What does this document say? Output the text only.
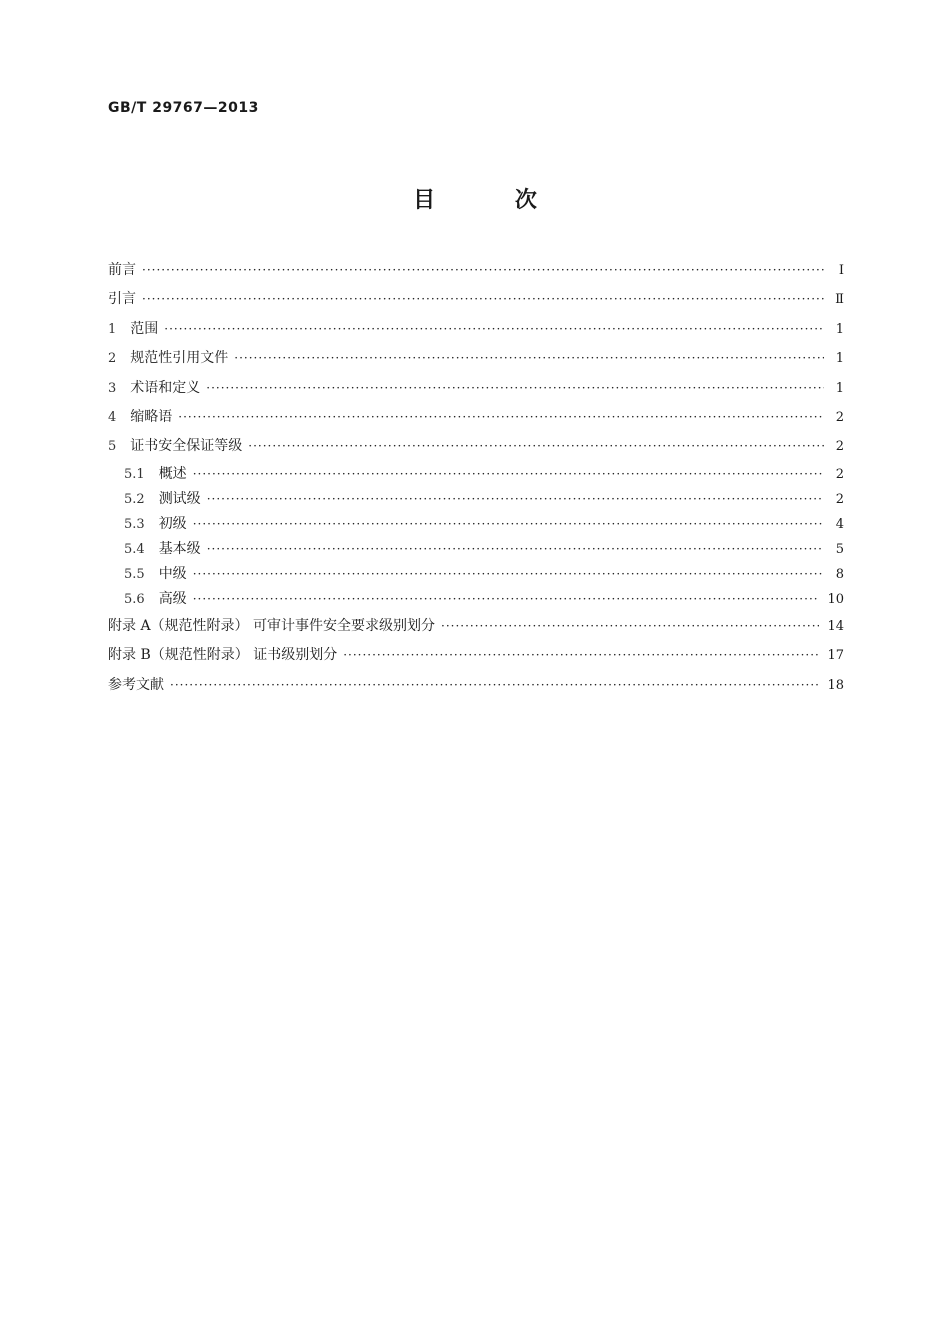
GB/T 29767—2013
目 次
前言 ·····	Ⅰ
引言 ·····	Ⅱ
1 范围 ·····	1
2 规范性引用文件 ·····	1
3 术语和定义 ·····	1
4 缩略语 ·····	2
5 证书安全保证等级 ·····	2
5.1 概述 ·····	2
5.2 测试级 ·····	2
5.3 初级 ·····	4
5.4 基本级 ·····	5
5.5 中级 ·····	8
5.6 高级 ·····	10
附录 A（规范性附录） 可审计事件安全要求级别划分 ·····	14
附录 B（规范性附录） 证书级别划分 ·····	17
参考文献 ·····	18
